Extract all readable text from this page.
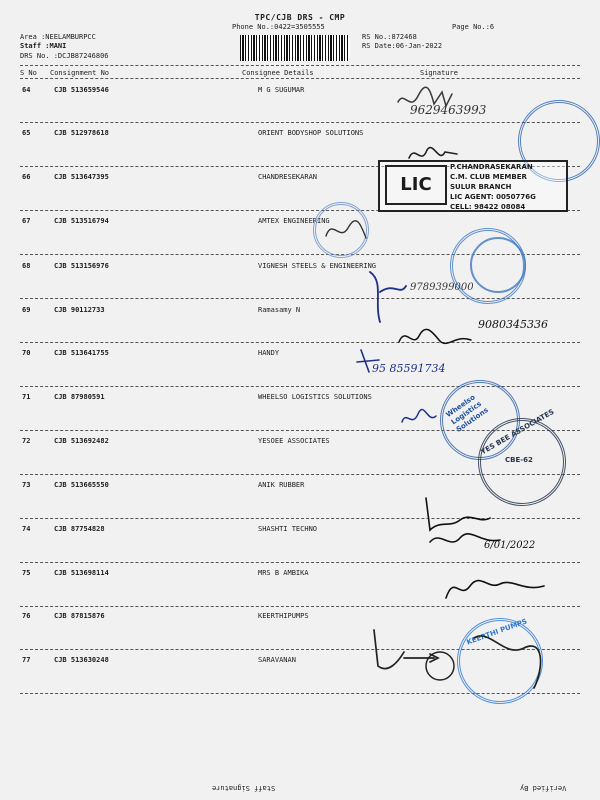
TPC/CJB DRS - CMP
Phone No.:0422=3505555	Page No.:6
Area :NEELAMBURPCC
Staff :MANI
DRS No. :DCJB87246806
RS No.:872468
RS Date:06-Jan-2022
S No Consignment No	Consignee Details	Signature
64	CJB 513659546	M G SUGUMAR
65	CJB 512978618	ORIENT BODYSHOP SOLUTIONS
66	CJB 513647395	CHANDRESEKARAN
67	CJB 513516794	AMTEX ENGINEERING
68	CJB 513156976	VIGNESH STEELS & ENGINEERING
69	CJB 90112733	Ramasamy N
70	CJB 513641755	HANDY
71	CJB 87980591	WHEELSO LOGISTICS SOLUTIONS
72	CJB 513692482	YESOEE ASSOCIATES
73	CJB 513665550	ANIK RUBBER
74	CJB 87754828	SHASHTI TECHNO
75	CJB 513698114	MRS B AMBIKA
76	CJB 87815876	KEERTHIPUMPS
77	CJB 513630248	SARAVANAN
Wheelso Logistics Solutions
YES BEE ASSOCIATES
CBE-62
KEERTHI PUMPS
LIC
P.CHANDRASEKARAN
C.M. CLUB MEMBER
SULUR BRANCH
LIC AGENT: 0050776G
CELL: 98422 08084
9629463993
9789399000
9080345336
95 85591734
6/01/2022
Staff Signature	Verified By
